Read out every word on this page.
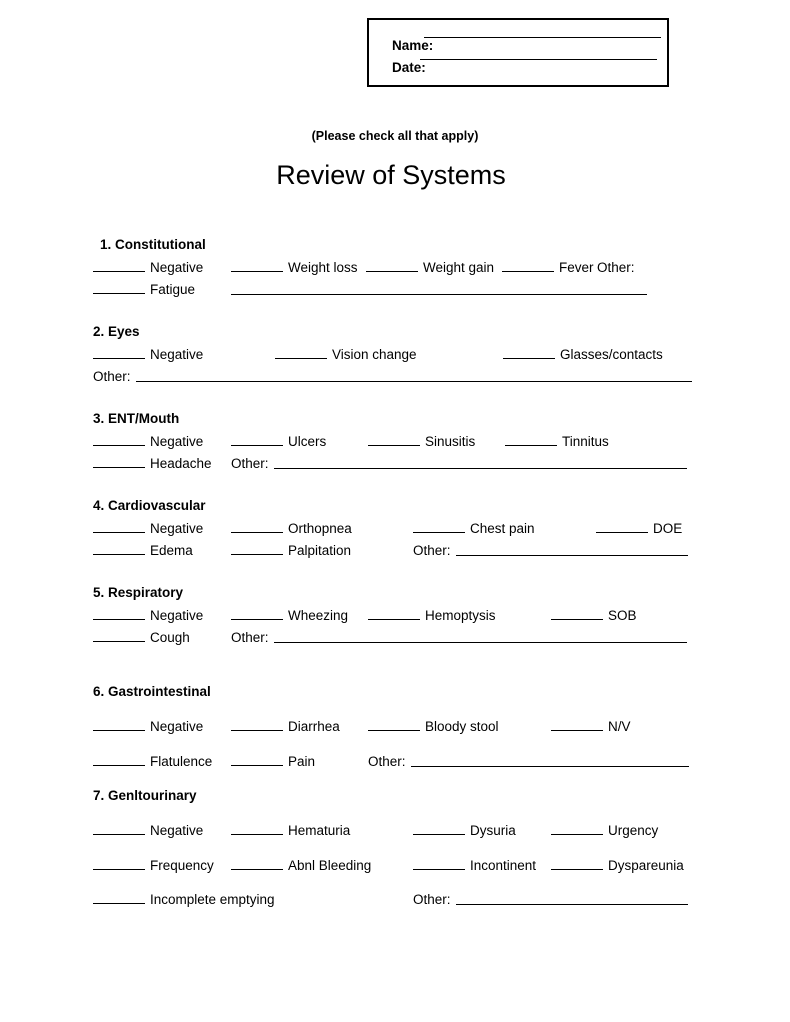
Name:

Date:

(Please check all that apply)
Review of Systems
1. Constitutional
Negative	Weight loss	Weight gain	Fever Other:
Fatigue
2. Eyes
Negative	Vision change	Glasses/contacts
Other:
3. ENT/Mouth
Negative	Ulcers	Sinusitis	Tinnitus
Headache Other:
4. Cardiovascular
Negative	Orthopnea	Chest pain	DOE
Edema	Palpitation	Other:
5. Respiratory
Negative	Wheezing	Hemoptysis	SOB
Cough	Other:
6. Gastrointestinal
Negative	Diarrhea	Bloody stool	N/V
Flatulence	Pain	Other:
7. Genltourinary
Negative	Hematuria	Dysuria	Urgency
Frequency	Abnl Bleeding	Incontinent	Dyspareunia
Incomplete emptying	Other:
